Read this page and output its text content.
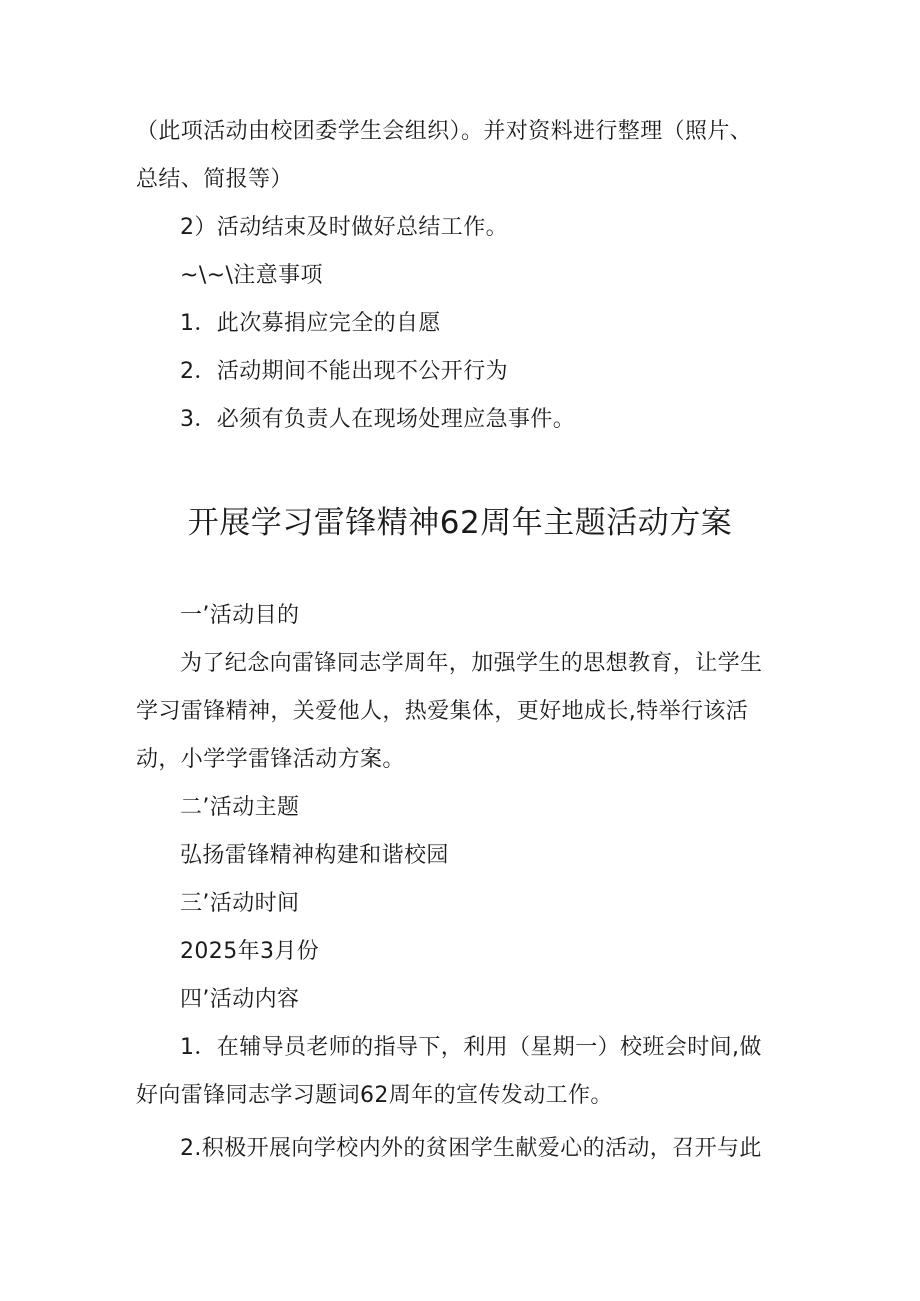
（此项活动由校团委学生会组织）。并对资料进行整理（照片、
总结、简报等）
2）活动结束及时做好总结工作。
~\~\注意事项
1．此次募捐应完全的自愿
2．活动期间不能出现不公开行为
3．必须有负责人在现场处理应急事件。
开展学习雷锋精神62周年主题活动方案
一’活动目的
为了纪念向雷锋同志学周年，加强学生的思想教育，让学生
学习雷锋精神，关爱他人，热爱集体，更好地成长,特举行该活
动，小学学雷锋活动方案。
二’活动主题
弘扬雷锋精神构建和谐校园
三’活动时间
2025年3月份
四’活动内容
1．在辅导员老师的指导下，利用（星期一）校班会时间,做
好向雷锋同志学习题词62周年的宣传发动工作。
2.积极开展向学校内外的贫困学生献爱心的活动，召开与此
